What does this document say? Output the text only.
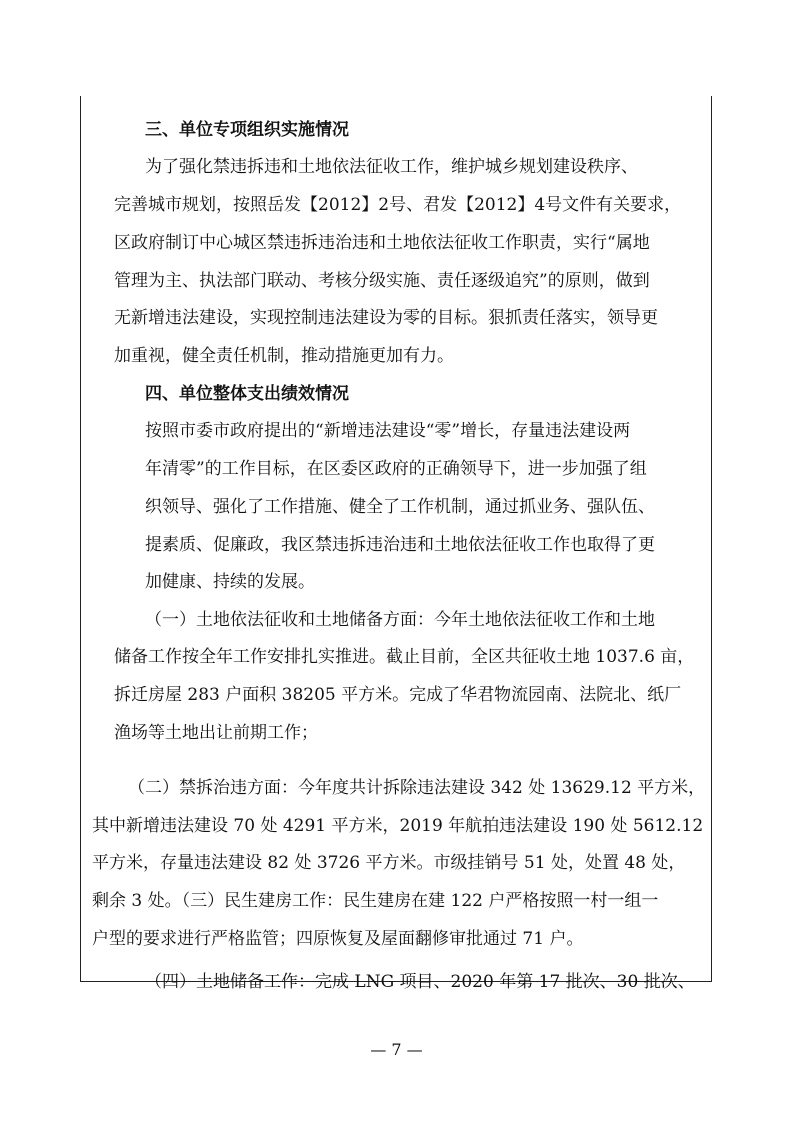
三、单位专项组织实施情况
为了强化禁违拆违和土地依法征收工作，维护城乡规划建设秩序、
完善城市规划，按照岳发【2012】2号、君发【2012】4号文件有关要求，
区政府制订中心城区禁违拆违治违和土地依法征收工作职责，实行“属地
管理为主、执法部门联动、考核分级实施、责任逐级追究”的原则，做到
无新增违法建设，实现控制违法建设为零的目标。狠抓责任落实，领导更
加重视，健全责任机制，推动措施更加有力。
四、单位整体支出绩效情况
按照市委市政府提出的“新增违法建设“零”增长，存量违法建设两
年清零”的工作目标，在区委区政府的正确领导下，进一步加强了组
织领导、强化了工作措施、健全了工作机制，通过抓业务、强队伍、
提素质、促廉政，我区禁违拆违治违和土地依法征收工作也取得了更
加健康、持续的发展。
（一）土地依法征收和土地储备方面：今年土地依法征收工作和土地
储备工作按全年工作安排扎实推进。截止目前，全区共征收土地 1037.6 亩，
拆迁房屋 283 户面积 38205 平方米。完成了华君物流园南、法院北、纸厂
渔场等土地出让前期工作；
（二）禁拆治违方面：今年度共计拆除违法建设 342 处 13629.12 平方米，
其中新增违法建设 70 处 4291 平方米，2019 年航拍违法建设 190 处 5612.12
平方米，存量违法建设 82 处 3726 平方米。市级挂销号 51 处，处置 48 处，
剩余 3 处。（三）民生建房工作：民生建房在建 122 户严格按照一村一组一
户型的要求进行严格监管；四原恢复及屋面翻修审批通过 71 户。
（四）土地储备工作：完成 LNG 项目、2020 年第 17 批次、30 批次、
— 7 —
